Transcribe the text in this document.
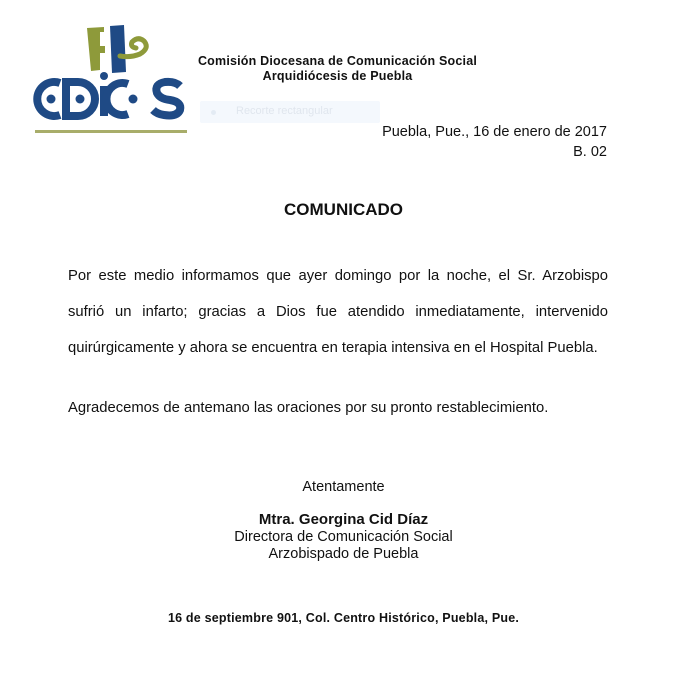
Comisión Diocesana de Comunicación Social
Arquidiócesis de Puebla
Recorte rectangular
Puebla, Pue., 16 de enero de 2017
B. 02
COMUNICADO

Por este medio informamos que ayer domingo por la noche, el Sr. Arzobispo sufrió un infarto; gracias a Dios fue atendido inmediatamente, intervenido quirúrgicamente y ahora se encuentra en terapia intensiva en el Hospital Puebla.

Agradecemos de antemano las oraciones por su pronto restablecimiento.
Atentamente
Mtra. Georgina Cid Díaz
Directora de Comunicación Social
Arzobispado de Puebla
16 de septiembre 901, Col. Centro Histórico, Puebla, Pue.
